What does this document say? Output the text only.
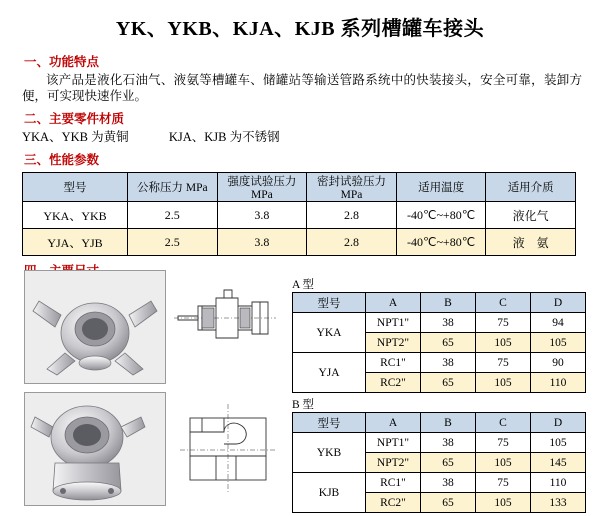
YK、YKB、KJA、KJB 系列槽罐车接头
一、功能特点
该产品是液化石油气、液氨等槽罐车、储罐站等输送管路系统中的快装接头，安全可靠，装卸方便，可实现快速作业。
二、主要零件材质
YKA、YKB 为黄铜	KJA、KJB 为不锈钢
三、性能参数
型号	公称压力 MPa	强度试验压力 MPa	密封试验压力 MPa	适用温度	适用介质
YKA、YKB	2.5	3.8	2.8	-40℃~+80℃	液化气
YJA、YJB	2.5	3.8	2.8	-40℃~+80℃	液　氨
A 型
型号	A	B	C	D
YKA	NPT1"	38	75	94
	NPT2"	65	105	105
YJA	RC1"	38	75	90
	RC2"	65	105	110
B 型
型号	A	B	C	D
YKB	NPT1"	38	75	105
	NPT2"	65	105	145
KJB	RC1"	38	75	110
	RC2"	65	105	133
